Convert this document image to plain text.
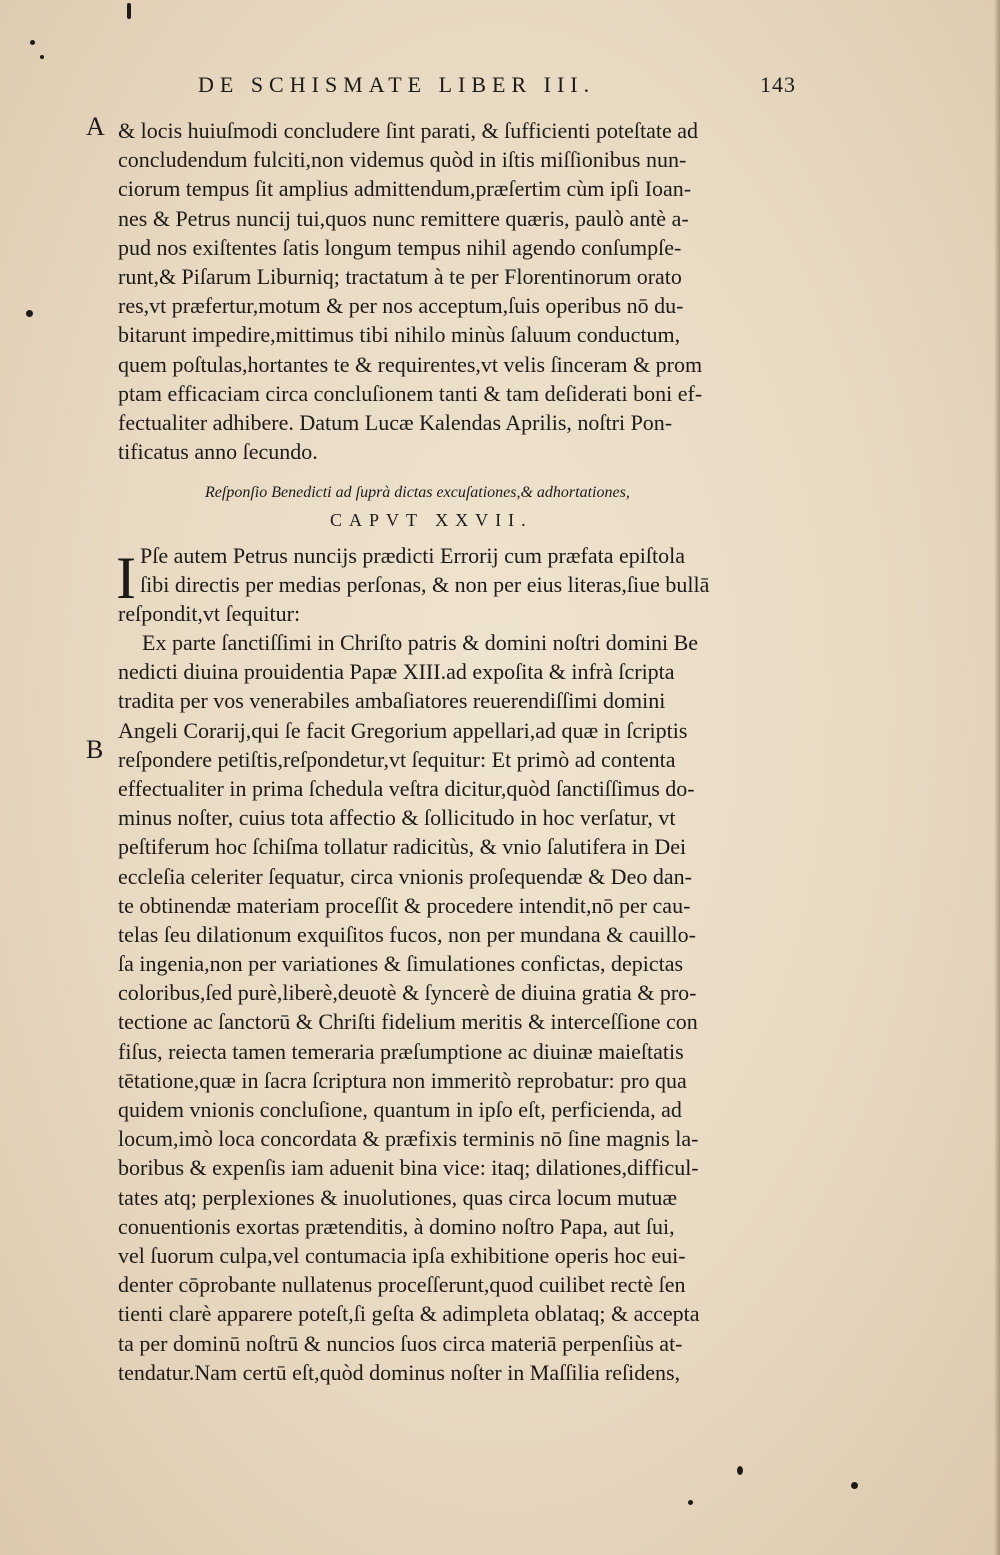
DE SCHISMATE LIBER III.	143
A
B
& locis huiuſmodi concludere ſint parati, & ſufficienti poteſtate ad
concludendum fulciti,non videmus quòd in iſtis miſſionibus nun-
ciorum tempus ſit amplius admittendum,præſertim cùm ipſi Ioan-
nes & Petrus nuncij tui,quos nunc remittere quæris, paulò antè a-
pud nos exiſtentes ſatis longum tempus nihil agendo conſumpſe-
runt,& Piſarum Liburniq; tractatum à te per Florentinorum orato
res,vt præfertur,motum & per nos acceptum,ſuis operibus nō du-
bitarunt impedire,mittimus tibi nihilo minùs ſaluum conductum,
quem poſtulas,hortantes te & requirentes,vt velis ſinceram & prom
ptam efficaciam circa concluſionem tanti & tam deſiderati boni ef-
fectualiter adhibere. Datum Lucæ Kalendas Aprilis, noſtri Pon-
tificatus anno ſecundo.
Reſponſio Benedicti ad ſuprà dictas excuſationes,& adhortationes,
CAPVT XXVII.
I Pſe autem Petrus nuncijs prædicti Errorij cum præfata epiſtola
ſibi directis per medias perſonas, & non per eius literas,ſiue bullā
reſpondit,vt ſequitur:
Ex parte ſanctiſſimi in Chriſto patris & domini noſtri domini Be
nedicti diuina prouidentia Papæ XIII.ad expoſita & infrà ſcripta
tradita per vos venerabiles ambaſiatores reuerendiſſimi domini
Angeli Corarij,qui ſe facit Gregorium appellari,ad quæ in ſcriptis
reſpondere petiſtis,reſpondetur,vt ſequitur: Et primò ad contenta
effectualiter in prima ſchedula veſtra dicitur,quòd ſanctiſſimus do-
minus noſter, cuius tota affectio & ſollicitudo in hoc verſatur, vt
peſtiferum hoc ſchiſma tollatur radicitùs, & vnio ſalutifera in Dei
eccleſia celeriter ſequatur, circa vnionis proſequendæ & Deo dan-
te obtinendæ materiam proceſſit & procedere intendit,nō per cau-
telas ſeu dilationum exquiſitos fucos, non per mundana & cauillo-
ſa ingenia,non per variationes & ſimulationes confictas, depictas
coloribus,ſed purè,liberè,deuotè & ſyncerè de diuina gratia & pro-
tectione ac ſanctorū & Chriſti fidelium meritis & interceſſione con
fiſus, reiecta tamen temeraria præſumptione ac diuinæ maieſtatis
tētatione,quæ in ſacra ſcriptura non immeritò reprobatur: pro qua
quidem vnionis concluſione, quantum in ipſo eſt, perficienda, ad
locum,imò loca concordata & præfixis terminis nō ſine magnis la-
boribus & expenſis iam aduenit bina vice: itaq; dilationes,difficul-
tates atq; perplexiones & inuolutiones, quas circa locum mutuæ
conuentionis exortas prætenditis, à domino noſtro Papa, aut ſui,
vel ſuorum culpa,vel contumacia ipſa exhibitione operis hoc eui-
denter cōprobante nullatenus proceſſerunt,quod cuilibet rectè ſen
tienti clarè apparere poteſt,ſi geſta & adimpleta oblataq; & accepta
ta per dominū noſtrū & nuncios ſuos circa materiā perpenſiùs at-
tendatur.Nam certū eſt,quòd dominus noſter in Maſſilia reſidens,
